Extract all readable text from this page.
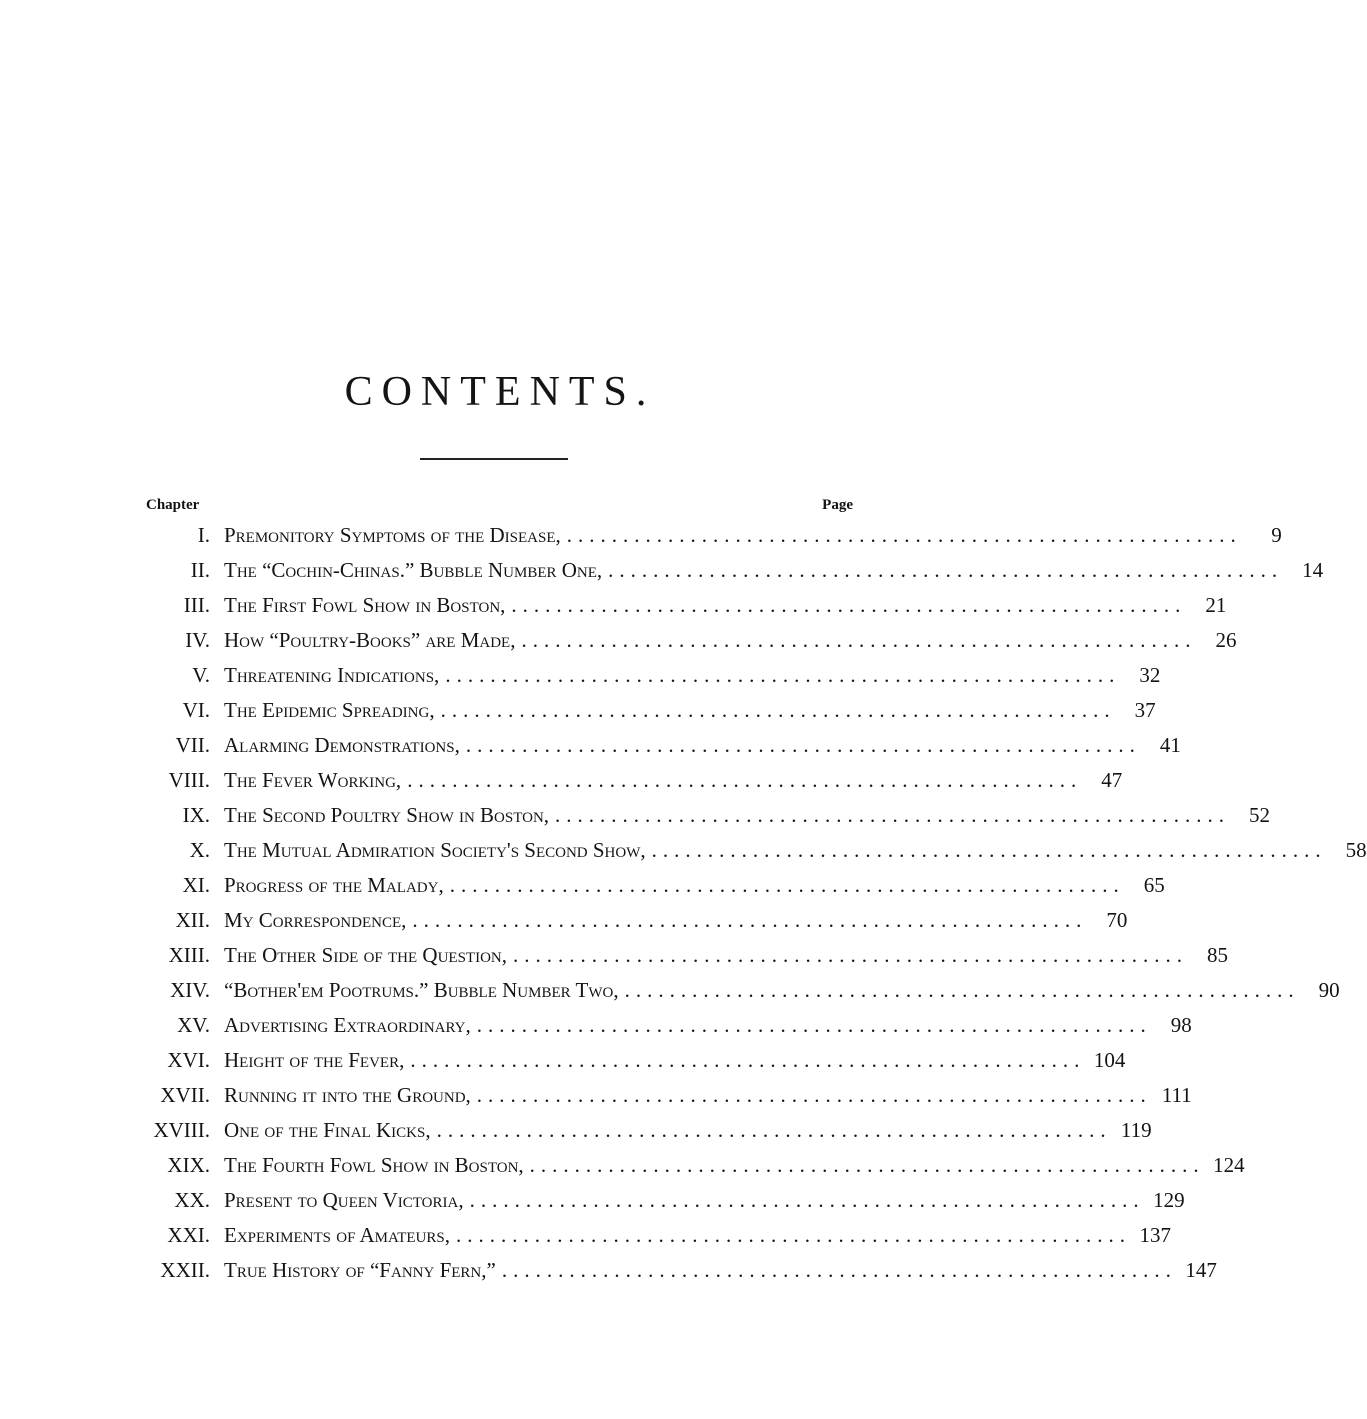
CONTENTS.
Chapter	Page
I. Premonitory Symptoms of the Disease, ............................................................	9
II. The “Cochin-Chinas.” Bubble Number One, ............................................................ 14
III. The First Fowl Show in Boston, ............................................................ 21
IV. How “Poultry-Books” are Made, ............................................................ 26
V. Threatening Indications, ............................................................ 32
VI. The Epidemic Spreading, ............................................................ 37
VII. Alarming Demonstrations, ............................................................ 41
VIII. The Fever Working, ............................................................ 47
IX. The Second Poultry Show in Boston, ............................................................ 52
X. The Mutual Admiration Society's Second Show, ............................................................ 58
XI. Progress of the Malady, ............................................................ 65
XII. My Correspondence, ............................................................ 70
XIII. The Other Side of the Question, ............................................................ 85
XIV. “Bother'em Pootrums.” Bubble Number Two, ............................................................ 90
XV. Advertising Extraordinary, ............................................................ 98
XVI. Height of the Fever, ............................................................ 104
XVII. Running it into the Ground, ............................................................ 111
XVIII. One of the Final Kicks, ............................................................ 119
XIX. The Fourth Fowl Show in Boston, ............................................................ 124
XX. Present to Queen Victoria, ............................................................ 129
XXI. Experiments of Amateurs, ............................................................ 137
XXII. True History of “Fanny Fern,” ............................................................ 147
